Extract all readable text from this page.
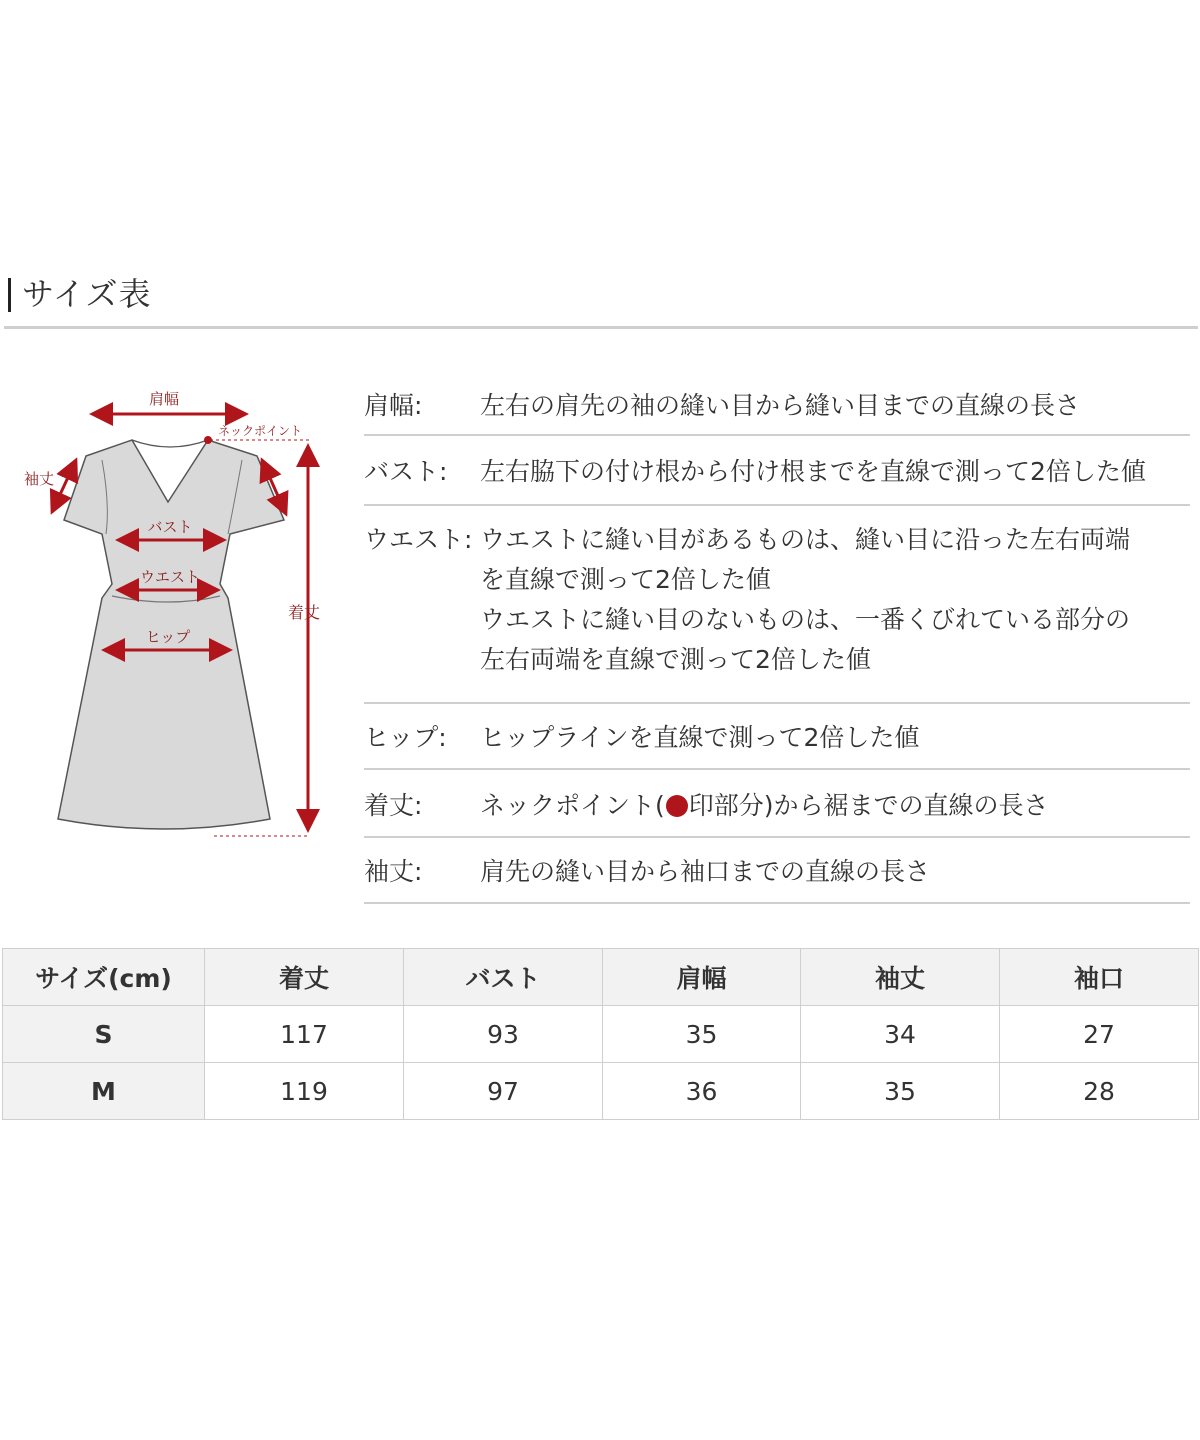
サイズ表
肩幅
ネックポイント
袖丈
バスト
ウエスト
ヒップ
着丈
肩幅: 左右の肩先の袖の縫い目から縫い目までの直線の長さ
バスト: 左右脇下の付け根から付け根までを直線で測って2倍した値
ウエスト: ウエストに縫い目があるものは、縫い目に沿った左右両端
を直線で測って2倍した値
ウエストに縫い目のないものは、一番くびれている部分の
左右両端を直線で測って2倍した値
ヒップ: ヒップラインを直線で測って2倍した値
着丈: ネックポイント( 印部分)から裾までの直線の長さ
袖丈: 肩先の縫い目から袖口までの直線の長さ
サイズ(cm)	着丈	バスト	肩幅	袖丈	袖口
S	117	93	35	34	27
M	119	97	36	35	28
